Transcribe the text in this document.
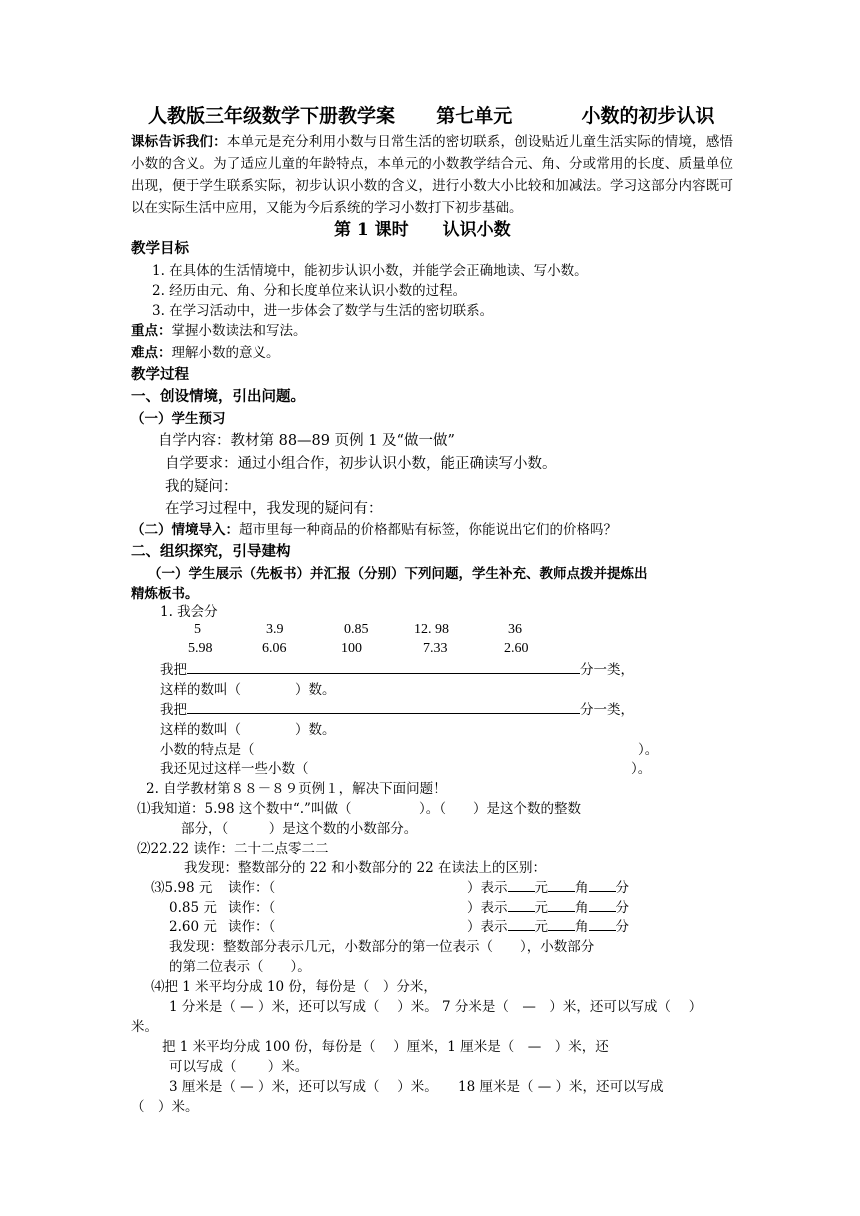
人教版三年级数学下册教学案 第七单元	小数的初步认识
课标告诉我们：本单元是充分利用小数与日常生活的密切联系，创设贴近儿童生活实际的情境，感悟小数的含义。为了适应儿童的年龄特点，本单元的小数教学结合元、角、分或常用的长度、质量单位出现，便于学生联系实际，初步认识小数的含义，进行小数大小比较和加减法。学习这部分内容既可以在实际生活中应用，又能为今后系统的学习小数打下初步基础。
第 1 课时　　认识小数
教学目标
1. 在具体的生活情境中，能初步认识小数，并能学会正确地读、写小数。
2. 经历由元、角、分和长度单位来认识小数的过程。
3. 在学习活动中，进一步体会了数学与生活的密切联系。
重点：掌握小数读法和写法。
难点：理解小数的意义。
教学过程
一、创设情境，引出问题。
（一）学生预习
自学内容：教材第 88—89 页例 1 及“做一做”
自学要求：通过小组合作，初步认识小数，能正确读写小数。
我的疑问：
在学习过程中，我发现的疑问有：
（二）情境导入：超市里每一种商品的价格都贴有标签，你能说出它们的价格吗？
二、组织探究，引导建构
（一）学生展示（先板书）并汇报（分别）下列问题，学生补充、教师点拨并提炼出
精炼板书。
1. 我会分
5	3.9	0.85	12. 98	36
5.98	6.06	100	7.33	2.60
我把	分一类，
这样的数叫（　　　　）数。
我把	分一类，
这样的数叫（　　　　）数。
小数的特点是（	）。
我还见过这样一些小数（	）。
2. 自学教材第８８－８９页例１，解决下面问题！
⑴我知道：5.98 这个数中“.”叫做（　　　　　）。（　　）是这个数的整数
部分，（　　　）是这个数的小数部分。
⑵22.22 读作：二十二点零二二
我发现：整数部分的 22 和小数部分的 22 在读法上的区别：
⑶5.98 元 读作：（	）表示 元 角 分
0.85 元 读作：（	）表示 元 角 分
2.60 元 读作：（	）表示 元 角 分
我发现：整数部分表示几元，小数部分的第一位表示（　　），小数部分
的第二位表示（　　）。
⑷把 1 米平均分成 10 份，每份是（　）分米，
1 分米是（ — ）米，还可以写成（　 ）米。 7 分米是（　—　）米，还可以写成（　 ）
米。
把 1 米平均分成 100 份，每份是（　 ）厘米，1 厘米是（　—　）米，还
可以写成（　　 ）米。
3 厘米是（ — ）米，还可以写成（　 ）米。　　18 厘米是（ — ）米，还可以写成
（　）米。
